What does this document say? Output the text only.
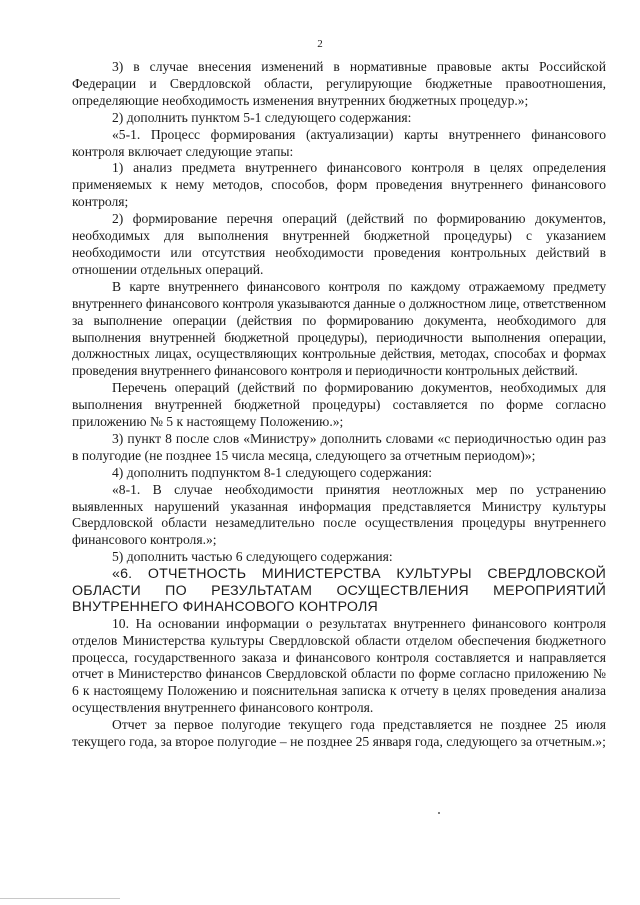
2

3) в случае внесения изменений в нормативные правовые акты Российской Федерации и Свердловской области, регулирующие бюджетные правоотношения, определяющие необходимость изменения внутренних бюджетных процедур.»;

2) дополнить пунктом 5-1 следующего содержания:

«5-1. Процесс формирования (актуализации) карты внутреннего финансового контроля включает следующие этапы:

1) анализ предмета внутреннего финансового контроля в целях определения применяемых к нему методов, способов, форм проведения внутреннего финансового контроля;

2) формирование перечня операций (действий по формированию документов, необходимых для выполнения внутренней бюджетной процедуры) с указанием необходимости или отсутствия необходимости проведения контрольных действий в отношении отдельных операций.

В карте внутреннего финансового контроля по каждому отражаемому предмету внутреннего финансового контроля указываются данные о должностном лице, ответственном за выполнение операции (действия по формированию документа, необходимого для выполнения внутренней бюджетной процедуры), периодичности выполнения операции, должностных лицах, осуществляющих контрольные действия, методах, способах и формах проведения внутреннего финансового контроля и периодичности контрольных действий.

Перечень операций (действий по формированию документов, необходимых для выполнения внутренней бюджетной процедуры) составляется по форме согласно приложению № 5 к настоящему Положению.»;

3) пункт 8 после слов «Министру» дополнить словами «с периодичностью один раз в полугодие (не позднее 15 числа месяца, следующего за отчетным периодом)»;

4) дополнить подпунктом 8-1 следующего содержания:

«8-1. В случае необходимости принятия неотложных мер по устранению выявленных нарушений указанная информация представляется Министру культуры Свердловской области незамедлительно после осуществления процедуры внутреннего финансового контроля.»;

5) дополнить частью 6 следующего содержания:

«6. ОТЧЕТНОСТЬ МИНИСТЕРСТВА КУЛЬТУРЫ СВЕРДЛОВСКОЙ ОБЛАСТИ ПО РЕЗУЛЬТАТАМ ОСУЩЕСТВЛЕНИЯ МЕРОПРИЯТИЙ ВНУТРЕННЕГО ФИНАНСОВОГО КОНТРОЛЯ

10. На основании информации о результатах внутреннего финансового контроля отделов Министерства культуры Свердловской области отделом обеспечения бюджетного процесса, государственного заказа и финансового контроля составляется и направляется отчет в Министерство финансов Свердловской области по форме согласно приложению № 6 к настоящему Положению и пояснительная записка к отчету в целях проведения анализа осуществления внутреннего финансового контроля.

Отчет за первое полугодие текущего года представляется не позднее 25 июля текущего года, за второе полугодие – не позднее 25 января года, следующего за отчетным.»;
